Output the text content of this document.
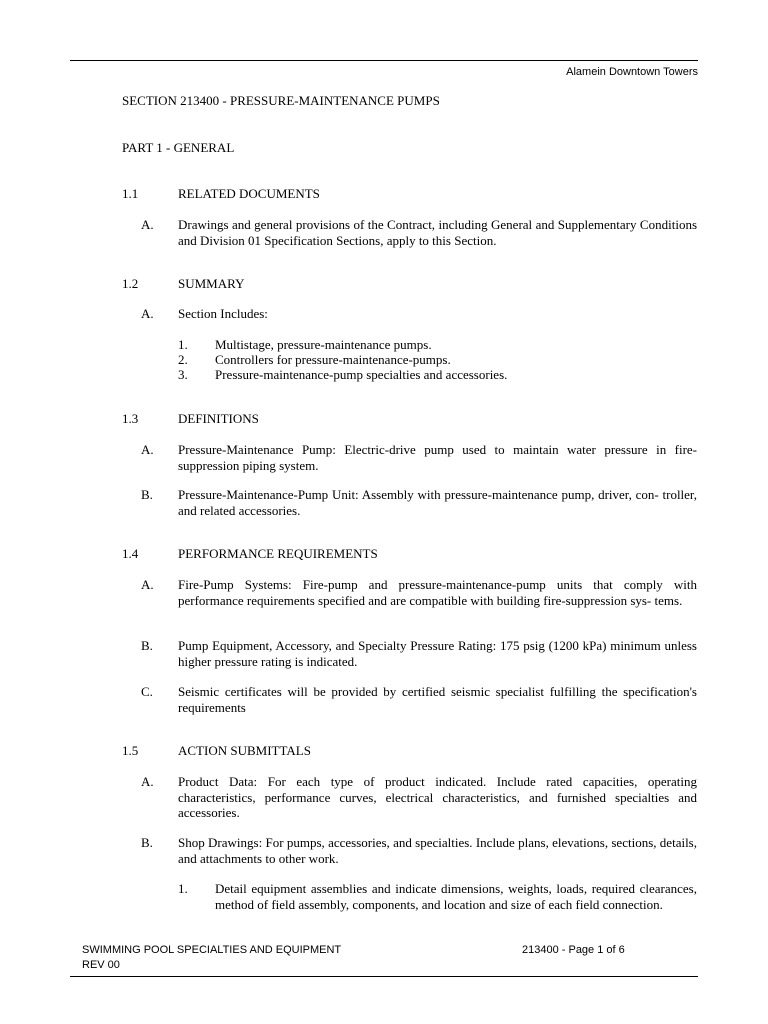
Alamein Downtown Towers
SECTION 213400 - PRESSURE-MAINTENANCE PUMPS
PART 1 - GENERAL
1.1	RELATED DOCUMENTS
A. Drawings and general provisions of the Contract, including General and Supplementary Conditions and Division 01 Specification Sections, apply to this Section.
1.2	SUMMARY
A. Section Includes:
1. Multistage, pressure-maintenance pumps.
2. Controllers for pressure-maintenance-pumps.
3. Pressure-maintenance-pump specialties and accessories.
1.3	DEFINITIONS
A. Pressure-Maintenance Pump: Electric-drive pump used to maintain water pressure in fire-suppression piping system.
B. Pressure-Maintenance-Pump Unit: Assembly with pressure-maintenance pump, driver, con- troller, and related accessories.
1.4	PERFORMANCE REQUIREMENTS
A. Fire-Pump Systems: Fire-pump and pressure-maintenance-pump units that comply with performance requirements specified and are compatible with building fire-suppression sys- tems.
B. Pump Equipment, Accessory, and Specialty Pressure Rating: 175 psig (1200 kPa) minimum unless higher pressure rating is indicated.
C. Seismic certificates will be provided by certified seismic specialist fulfilling the specification's requirements
1.5	ACTION SUBMITTALS
A. Product Data: For each type of product indicated. Include rated capacities, operating characteristics, performance curves, electrical characteristics, and furnished specialties and accessories.
B. Shop Drawings: For pumps, accessories, and specialties. Include plans, elevations, sections, details, and attachments to other work.
1. Detail equipment assemblies and indicate dimensions, weights, loads, required clearances, method of field assembly, components, and location and size of each field connection.
SWIMMING POOL SPECIALTIES AND EQUIPMENT	213400 - Page 1 of 6
REV 00
